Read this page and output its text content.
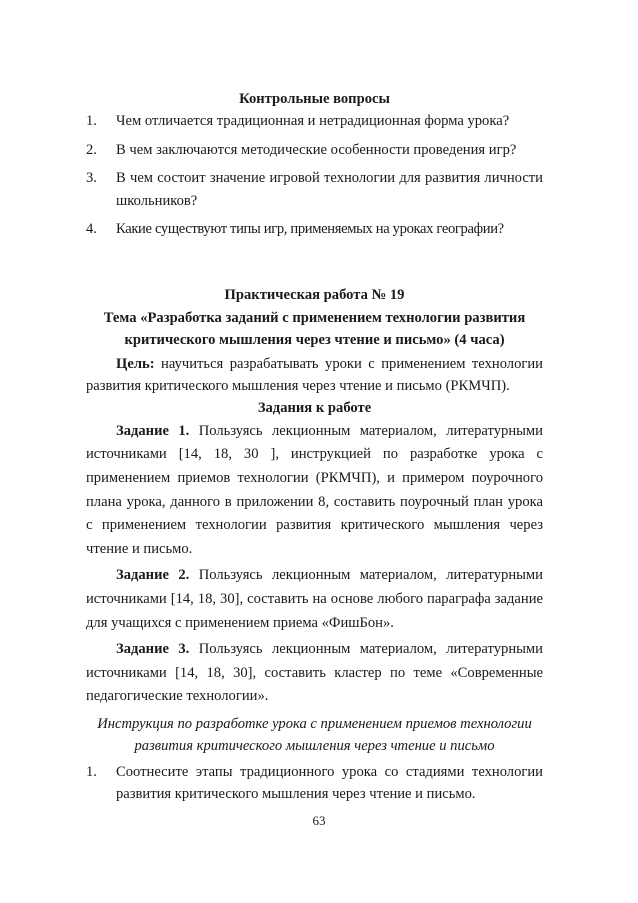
Контрольные вопросы
1. Чем отличается традиционная и нетрадиционная форма урока?
2. В чем заключаются методические особенности проведения игр?
3. В чем состоит значение игровой технологии для развития личности школьников?
4. Какие существуют типы игр, применяемых на уроках географии?
Практическая работа № 19
Тема «Разработка заданий с применением технологии развития критического мышления через чтение и письмо» (4 часа)

Цель: научиться разрабатывать уроки с применением технологии развития критического мышления через чтение и письмо (РКМЧП).

Задания к работе

Задание 1. Пользуясь лекционным материалом, литературными источниками [14, 18, 30 ], инструкцией по разработке урока с применением приемов технологии (РКМЧП), и примером поурочного плана урока, данного в приложении 8, составить поурочный план урока с применением технологии развития критического мышления через чтение и письмо.

Задание 2. Пользуясь лекционным материалом, литературными источниками [14, 18, 30], составить на основе любого параграфа задание для учащихся с применением приема «ФишБон».

Задание 3. Пользуясь лекционным материалом, литературными источниками [14, 18, 30], составить кластер по теме «Современные педагогические технологии».

Инструкция по разработке урока с применением приемов технологии развития критического мышления через чтение и письмо
1. Соотнесите этапы традиционного урока со стадиями технологии развития критического мышления через чтение и письмо.
63
